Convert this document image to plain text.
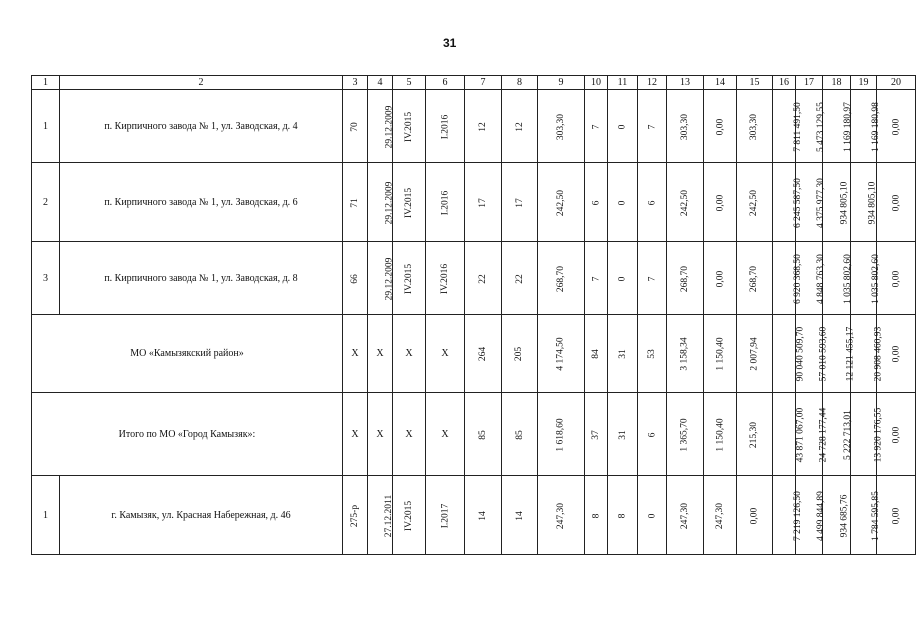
31
1	2	3	4	5	6	7	8	9	10	11	12	13	14	15	16	17	18	19	20
1	п. Кирпичного завода № 1, ул. Заводская, д. 4	70	29.12.2009	IV.2015	I.2016	12	12	303,30	7	0	7	303,30	0,00	303,30	7 811 491,50	5 473 129,55	1 169 180,97	1 169 180,98	0,00
2	п. Кирпичного завода № 1, ул. Заводская, д. 6	71	29.12.2009	IV.2015	I.2016	17	17	242,50	6	0	6	242,50	0,00	242,50	6 245 587,50	4 375 977,30	934 805,10	934 805,10	0,00
3	п. Кирпичного завода № 1, ул. Заводская, д. 8	66	29.12.2009	IV.2015	IV.2016	22	22	268,70	7	0	7	268,70	0,00	268,70	6 920 368,50	4 848 763,30	1 035 802,60	1 035 802,60	0,00
МО «Камызякский район»		X	X	X	X	264	205	4 174,50	84	31	53	3 158,34	1 150,40	2 007,94	90 040 509,70	57 010 593,60	12 121 455,17	20 908 460,93	0,00
Итого по МО «Город Камызяк»:		X	X	X	X	85	85	1 618,60	37	31	6	1 365,70	1 150,40	215,30	43 871 067,00	24 728 177,44	5 222 713,01	13 920 176,55	0,00
1	г. Камызяк, ул. Красная Набережная, д. 46	275-р	27.12.2011	IV.2015	I.2017	14	14	247,30	8	8	0	247,30	247,30	0,00	7 219 126,50	4 499 844,89	934 685,76	1 784 595,85	0,00
